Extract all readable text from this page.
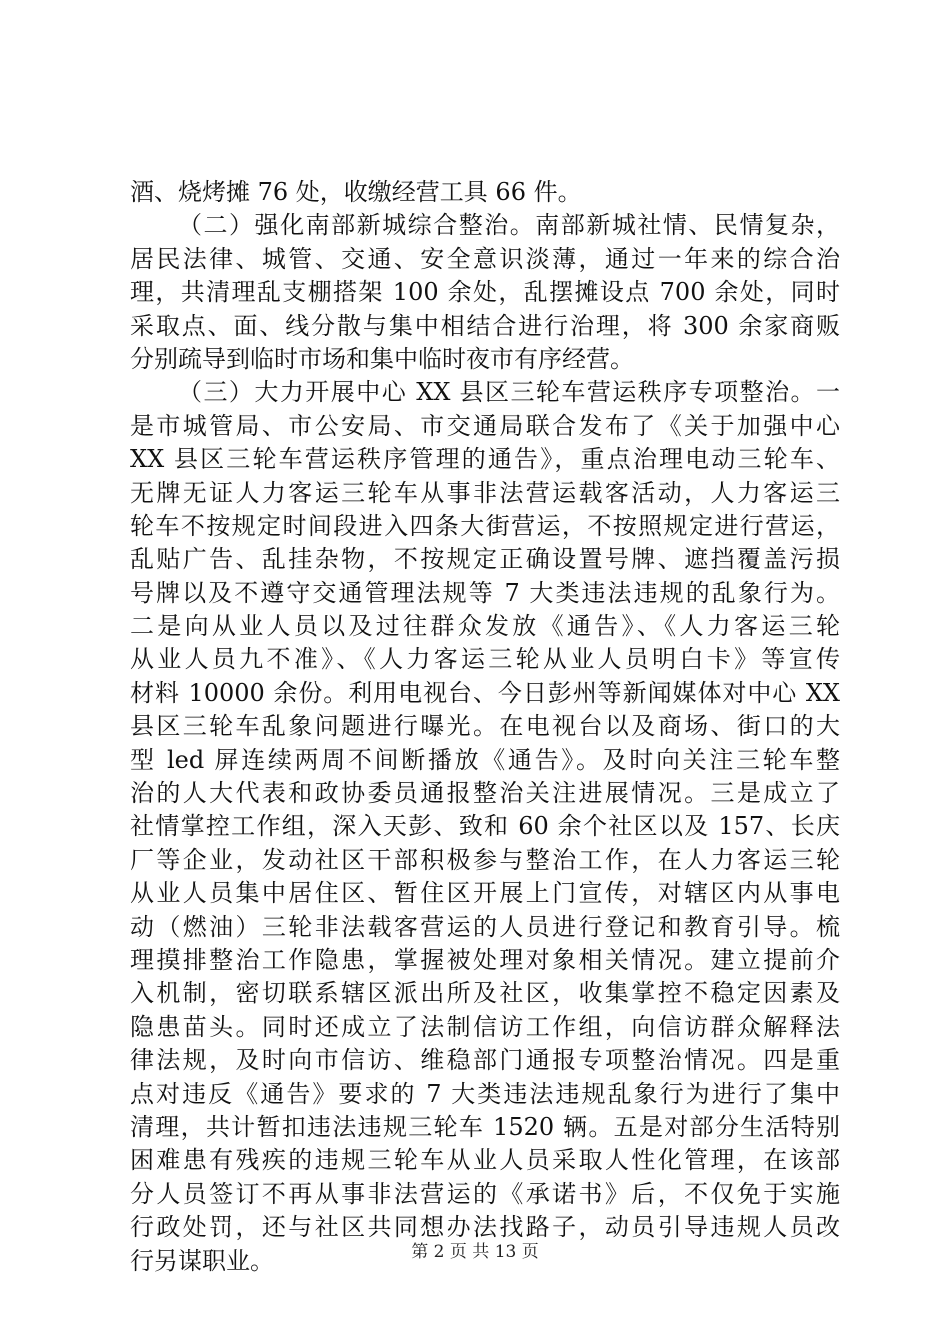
酒、烧烤摊 76 处，收缴经营工具 66 件。
（二）强化南部新城综合整治。南部新城社情、民情复杂，
居民法律、城管、交通、安全意识淡薄，通过一年来的综合治
理，共清理乱支棚搭架 100 余处，乱摆摊设点 700 余处，同时
采取点、面、线分散与集中相结合进行治理，将 300 余家商贩
分别疏导到临时市场和集中临时夜市有序经营。
（三）大力开展中心 XX 县区三轮车营运秩序专项整治。一
是市城管局、市公安局、市交通局联合发布了《关于加强中心
XX 县区三轮车营运秩序管理的通告》，重点治理电动三轮车、
无牌无证人力客运三轮车从事非法营运载客活动，人力客运三
轮车不按规定时间段进入四条大街营运，不按照规定进行营运，
乱贴广告、乱挂杂物，不按规定正确设置号牌、遮挡覆盖污损
号牌以及不遵守交通管理法规等 7 大类违法违规的乱象行为。
二是向从业人员以及过往群众发放《通告》、《人力客运三轮
从业人员九不准》、《人力客运三轮从业人员明白卡》等宣传
材料 10000 余份。利用电视台、今日彭州等新闻媒体对中心 XX
县区三轮车乱象问题进行曝光。在电视台以及商场、街口的大
型 led 屏连续两周不间断播放《通告》。及时向关注三轮车整
治的人大代表和政协委员通报整治关注进展情况。三是成立了
社情掌控工作组，深入天彭、致和 60 余个社区以及 157、长庆
厂等企业，发动社区干部积极参与整治工作，在人力客运三轮
从业人员集中居住区、暂住区开展上门宣传，对辖区内从事电
动（燃油）三轮非法载客营运的人员进行登记和教育引导。梳
理摸排整治工作隐患，掌握被处理对象相关情况。建立提前介
入机制，密切联系辖区派出所及社区，收集掌控不稳定因素及
隐患苗头。同时还成立了法制信访工作组，向信访群众解释法
律法规，及时向市信访、维稳部门通报专项整治情况。四是重
点对违反《通告》要求的 7 大类违法违规乱象行为进行了集中
清理，共计暂扣违法违规三轮车 1520 辆。五是对部分生活特别
困难患有残疾的违规三轮车从业人员采取人性化管理，在该部
分人员签订不再从事非法营运的《承诺书》后，不仅免于实施
行政处罚，还与社区共同想办法找路子，动员引导违规人员改
行另谋职业。	第 2 页 共 13 页
